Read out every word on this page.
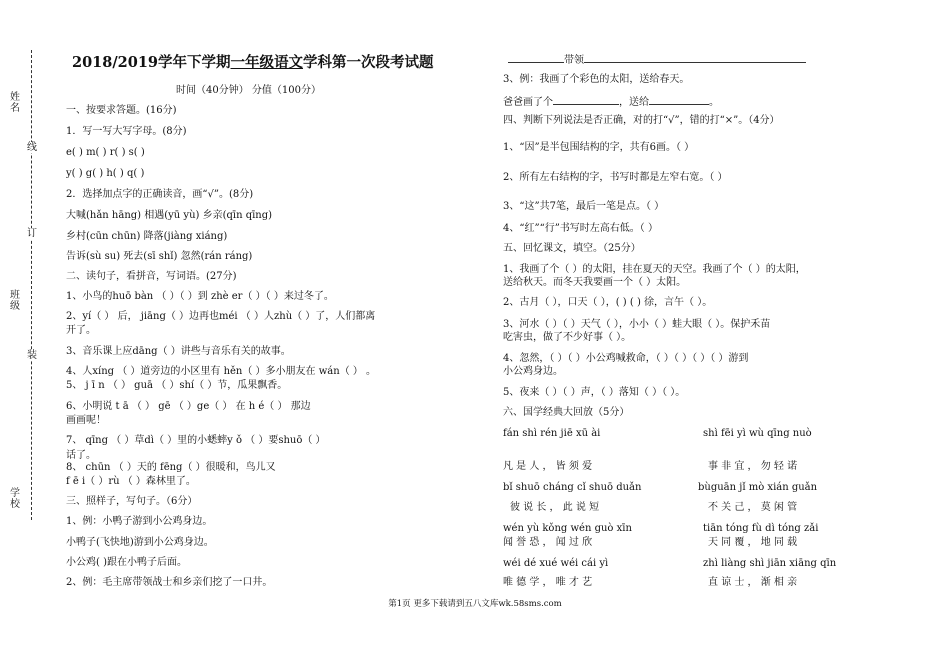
姓名
线
订
班级
装
学校
2018/2019学年下学期一年级语文学科第一次段考试题
时间（40分钟） 分值（100分）
一、按要求答题。(16分)
1．写一写大写字母。(8分)
e( ) m( ) r( ) s( )
y( ) g( ) h( ) q( )
2．选择加点字的正确读音，画“√”。(8分)
大喊(hǎn hāng) 相遇(yū yù) 乡亲(qīn qīng)
乡村(cūn chūn) 降落(jiàng xiáng)
告诉(sù su) 死去(sī shǐ) 忽然(rán ráng)
二、读句子，看拼音，写词语。(27分)
1、小鸟的huō bàn （ ）（ ）到 zhè er（ ）（ ）来过冬了。
2、yí（ ） 后， jiāng（ ）边再也méi （ ）人zhù（ ）了，人们都离
开了。
3、音乐课上应dāng（ ）讲些与音乐有关的故事。
4、人xíng （ ）道旁边的小区里有 hěn（ ）多小朋友在 wán（ ） 。
5、 j ī n （ ） guā （ ）shí（ ）节，瓜果飘香。
6、小明说 t ā （ ） gē （ ）ge（ ） 在 h é（ ） 那边
画画呢！
7、 qīng （ ）草dì（ ）里的小蟋蟀y ǒ （ ）要shuō（ ）
话了。
8、 chūn （ ）天的 fēng（ ）很暖和，鸟儿又
f ē i（ ）rù （ ）森林里了。
三、照样子，写句子。（6分）
1、例：小鸭子游到小公鸡身边。
小鸭子(飞快地)游到小公鸡身边。
小公鸡( )跟在小鸭子后面。
2、例：毛主席带领战士和乡亲们挖了一口井。
带领
3、例：我画了个彩色的太阳，送给春天。
爸爸画了个	，送给	。
四、判断下列说法是否正确，对的打“√”，错的打“×”。（4分）
1、“因”是半包围结构的字，共有6画。（ ）
2、所有左右结构的字，书写时都是左窄右宽。（ ）
3、“这”共7笔，最后一笔是点。（ ）
4、“红”“行”书写时左高右低。（ ）
五、回忆课文，填空。（25分）
1、我画了个（ ）的太阳，挂在夏天的天空。我画了个（ ）的太阳，
送给秋天。而冬天我要画一个（ ）太阳。
2、古月（ ），口天（ ），( ) ( ) 徐，言午（ ）。
3、河水（ ）（ ）天气（ ），小小（ ）蛙大眼（ ）。保护禾苗
吃害虫，做了不少好事（ ）。
4、忽然，（ ）（ ）小公鸡喊救命，（ ）（ ）（ ）（ ）游到
小公鸡身边。
5、夜来（ ）（ ）声，（ ）落知（ ）（ ）。
六、国学经典大回放（5分）
fán shì rén jiē xū ài	shì fēi yì wù qīng nuò
凡 是 人 ， 皆 须 爱	事 非 宜 ， 勿 轻 诺
bǐ shuō cháng cǐ shuō duǎn	bùguān jǐ mò xián guǎn
彼 说 长 ， 此 说 短	不 关 己 ， 莫 闲 管
wén yù kǒng wén guò xīn	tiān tóng fù dì tóng zǎi
闻 誉 恐 ， 闻 过 欣	天 同 覆 ， 地 同 载
wéi dé xué wéi cái yì	zhì liàng shì jiān xiāng qīn
唯 德 学 ， 唯 才 艺	直 谅 士 ， 渐 相 亲
第1页 更多下载请到五八文库wk.58sms.com
